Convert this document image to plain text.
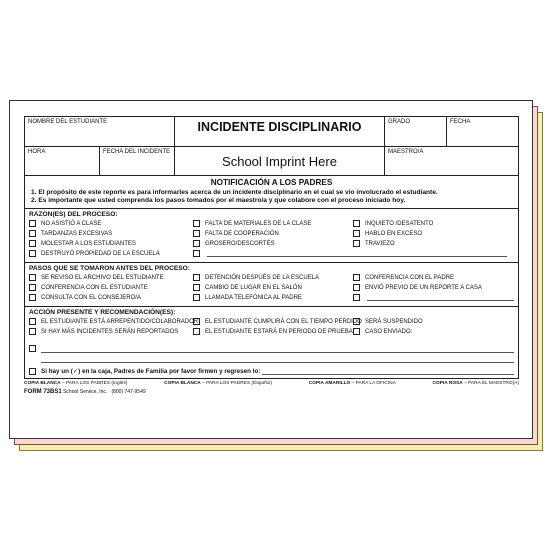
NOMBRE DEL ESTUDIANTE	INCIDENTE DISCIPLINARIO	GRADO	FECHA
HORA	FECHA DEL INCIDENTE
School Imprint Here
MAESTRO/A
NOTIFICACIÓN A LOS PADRES
1. El propósito de este reporte es para informarles acerca de un incidente disciplinario en el cual se vio involucrado el estudiante.
2. Es importante que usted comprenda los pasos tomados por el maestro/a y que colabore con el proceso iniciado hoy.
RAZON(ES) DEL PROCESO:
NO ASISTIÓ A CLASE
TARDANZAS EXCESIVAS
MOLESTAR A LOS ESTUDIANTES
DESTRUYÓ PROPIEDAD DE LA ESCUELA
FALTA DE MATERIALES DE LA CLASE
FALTA DE COOPERACIÓN
GROSERO/DESCORTÉS
INQUIETO /DESATENTO
HABLO EN EXCESO
TRAVIEZO
PASOS QUE SE TOMARON ANTES DEL PROCESO:
SE REVISO EL ARCHIVO DEL ESTUDIANTE
CONFERENCIA CON EL ESTUDIANTE
CONSULTA CON EL CONSEJERO/A
DETENCIÓN DESPUÉS DE LA ESCUELA
CAMBIO DE LUGAR EN EL SALÓN
LLAMADA TELEFÓNICA AL PADRE
CONFERENCIA CON EL PADRE
ENVIÓ PREVIO DE UN REPORTE A CASA
ACCIÓN PRESENTE Y RECOMENDACIÓN(ES):
EL ESTUDIANTE ESTÁ ARREPENTIDO/COLABORADOR
SI HAY MÁS INCIDENTES SERÁN REPORTADOS
EL ESTUDIANTE CUMPLIRÁ CON EL TIEMPO PERDIDO
EL ESTUDIANTE ESTARÁ EN PERIODO DE PRUEBA
SERÁ SUSPENDIDO
CASO ENVIADO:
Si hay un (✓) en la caja, Padres de Familia por favor firmen y regresen lo:
COPIA BLANCA – PARA LOS PADRES (Inglés)	COPIA BLANCA – PARA LOS PADRES (Español)	COPIA AMARILLO – PARA LA OFICINA	COPIA ROSA – PARA EL MAESTRO(A)
FORM 73BS1 School Service, Inc. (800) 747-9549
